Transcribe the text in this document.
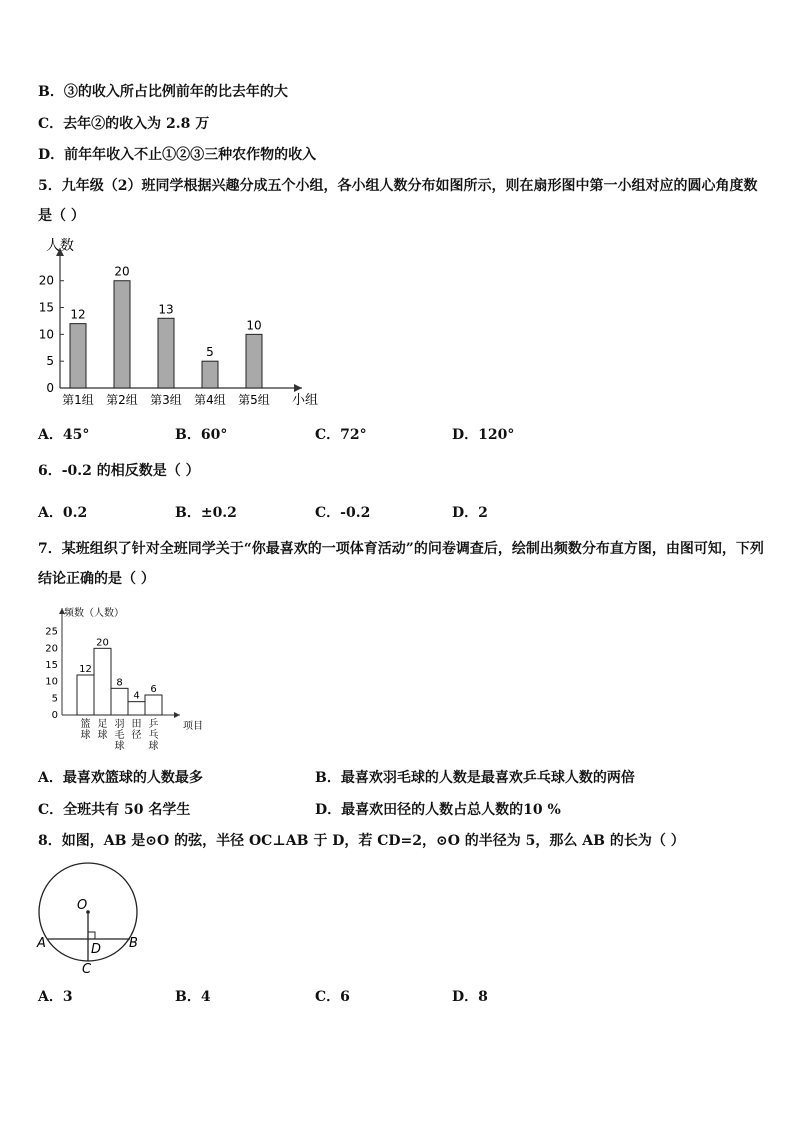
B．③的收入所占比例前年的比去年的大
C．去年②的收入为 2.8 万
D．前年年收入不止①②③三种农作物的收入
5．九年级（2）班同学根据兴趣分成五个小组，各小组人数分布如图所示，则在扇形图中第一小组对应的圆心角度数
是（ ）
人数
小组
0
5
10
15
20
12
第1组
20
第2组
13
第3组
5
第4组
10
第5组
A．45°	B．60°	C．72°	D．120°
6．-0.2 的相反数是（ ）
A．0.2	B．±0.2	C．-0.2	D．2
7．某班组织了针对全班同学关于“你最喜欢的一项体育活动”的问卷调查后，绘制出频数分布直方图，由图可知，下列
结论正确的是（ ）
频数（人数）
项目
0
5
10
15
20
25
12
篮球
20
足球
8
羽毛球
4
田径
6
乒乓球
A．最喜欢篮球的人数最多	B．最喜欢羽毛球的人数是最喜欢乒乓球人数的两倍
C．全班共有 50 名学生	D．最喜欢田径的人数占总人数的10 %
8．如图，AB 是⊙O 的弦，半径 OC⊥AB 于 D，若 CD=2，⊙O 的半径为 5，那么 AB 的长为（ ）
O
A	B
D
C
A．3	B．4	C．6	D．8
